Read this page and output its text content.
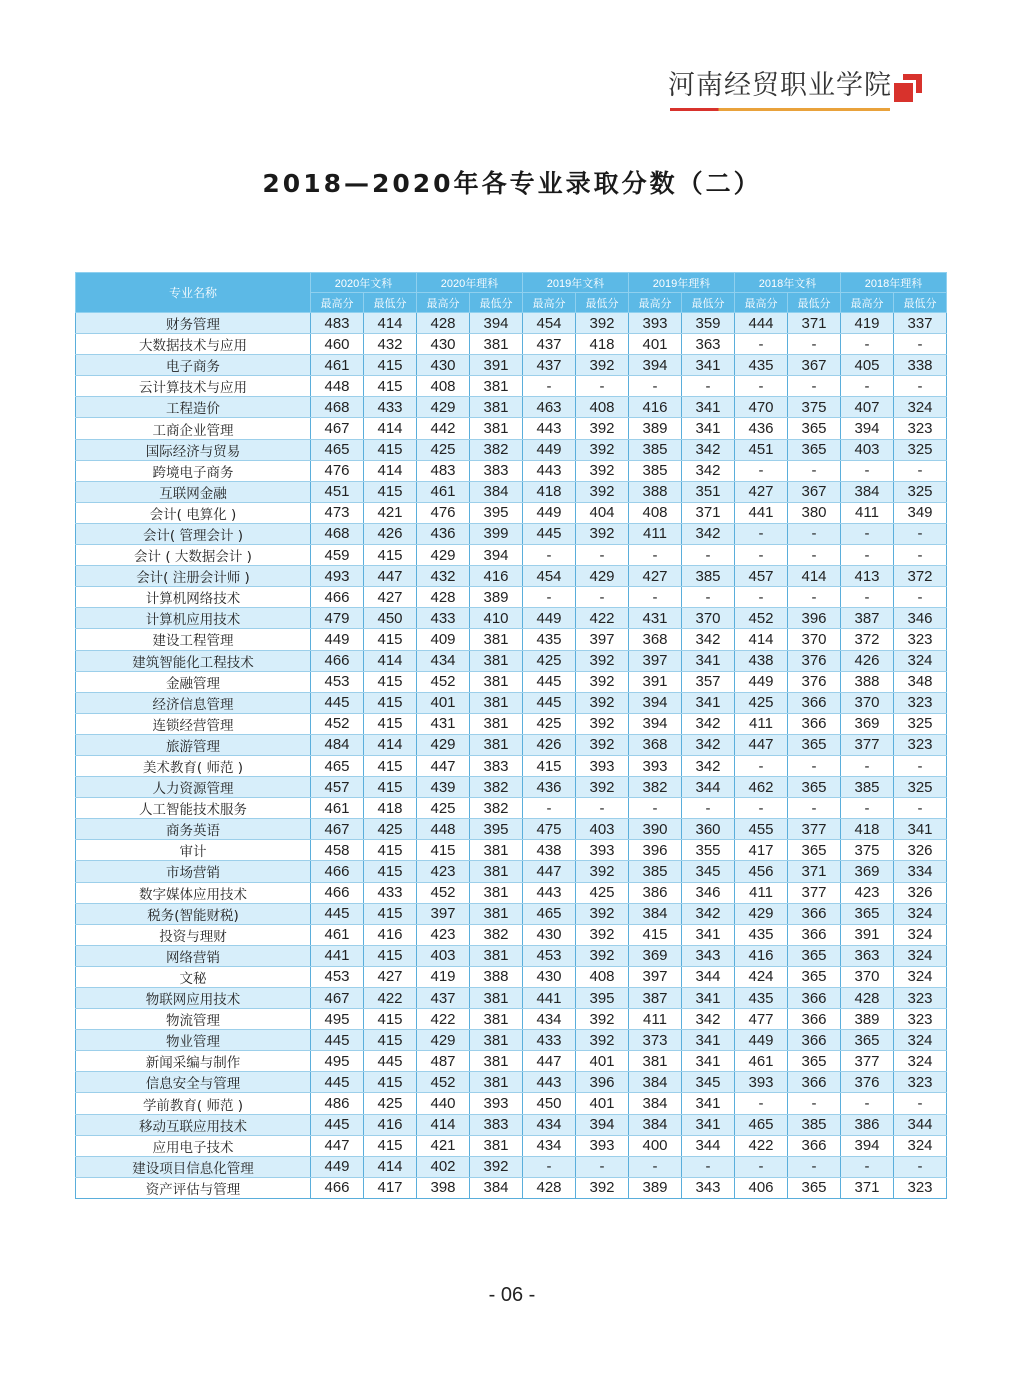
河南经贸职业学院
2018—2020年各专业录取分数（二）
专业名称	2020年文科		2020年理科		2019年文科		2019年理科		2018年文科		2018年理科	
	最高分	最低分	最高分	最低分	最高分	最低分	最高分	最低分	最高分	最低分	最高分	最低分
财务管理	483	414	428	394	454	392	393	359	444	371	419	337
大数据技术与应用	460	432	430	381	437	418	401	363	-	-	-	-
电子商务	461	415	430	391	437	392	394	341	435	367	405	338
云计算技术与应用	448	415	408	381	-	-	-	-	-	-	-	-
工程造价	468	433	429	381	463	408	416	341	470	375	407	324
工商企业管理	467	414	442	381	443	392	389	341	436	365	394	323
国际经济与贸易	465	415	425	382	449	392	385	342	451	365	403	325
跨境电子商务	476	414	483	383	443	392	385	342	-	-	-	-
互联网金融	451	415	461	384	418	392	388	351	427	367	384	325
会计( 电算化 )	473	421	476	395	449	404	408	371	441	380	411	349
会计( 管理会计 )	468	426	436	399	445	392	411	342	-	-	-	-
会计 ( 大数据会计 )	459	415	429	394	-	-	-	-	-	-	-	-
会计( 注册会计师 )	493	447	432	416	454	429	427	385	457	414	413	372
计算机网络技术	466	427	428	389	-	-	-	-	-	-	-	-
计算机应用技术	479	450	433	410	449	422	431	370	452	396	387	346
建设工程管理	449	415	409	381	435	397	368	342	414	370	372	323
建筑智能化工程技术	466	414	434	381	425	392	397	341	438	376	426	324
金融管理	453	415	452	381	445	392	391	357	449	376	388	348
经济信息管理	445	415	401	381	445	392	394	341	425	366	370	323
连锁经营管理	452	415	431	381	425	392	394	342	411	366	369	325
旅游管理	484	414	429	381	426	392	368	342	447	365	377	323
美术教育( 师范 )	465	415	447	383	415	393	393	342	-	-	-	-
人力资源管理	457	415	439	382	436	392	382	344	462	365	385	325
人工智能技术服务	461	418	425	382	-	-	-	-	-	-	-	-
商务英语	467	425	448	395	475	403	390	360	455	377	418	341
审计	458	415	415	381	438	393	396	355	417	365	375	326
市场营销	466	415	423	381	447	392	385	345	456	371	369	334
数字媒体应用技术	466	433	452	381	443	425	386	346	411	377	423	326
税务(智能财税)	445	415	397	381	465	392	384	342	429	366	365	324
投资与理财	461	416	423	382	430	392	415	341	435	366	391	324
网络营销	441	415	403	381	453	392	369	343	416	365	363	324
文秘	453	427	419	388	430	408	397	344	424	365	370	324
物联网应用技术	467	422	437	381	441	395	387	341	435	366	428	323
物流管理	495	415	422	381	434	392	411	342	477	366	389	323
物业管理	445	415	429	381	433	392	373	341	449	366	365	324
新闻采编与制作	495	445	487	381	447	401	381	341	461	365	377	324
信息安全与管理	445	415	452	381	443	396	384	345	393	366	376	323
学前教育( 师范 )	486	425	440	393	450	401	384	341	-	-	-	-
移动互联应用技术	445	416	414	383	434	394	384	341	465	385	386	344
应用电子技术	447	415	421	381	434	393	400	344	422	366	394	324
建设项目信息化管理	449	414	402	392	-	-	-	-	-	-	-	-
资产评估与管理	466	417	398	384	428	392	389	343	406	365	371	323
- 06 -
